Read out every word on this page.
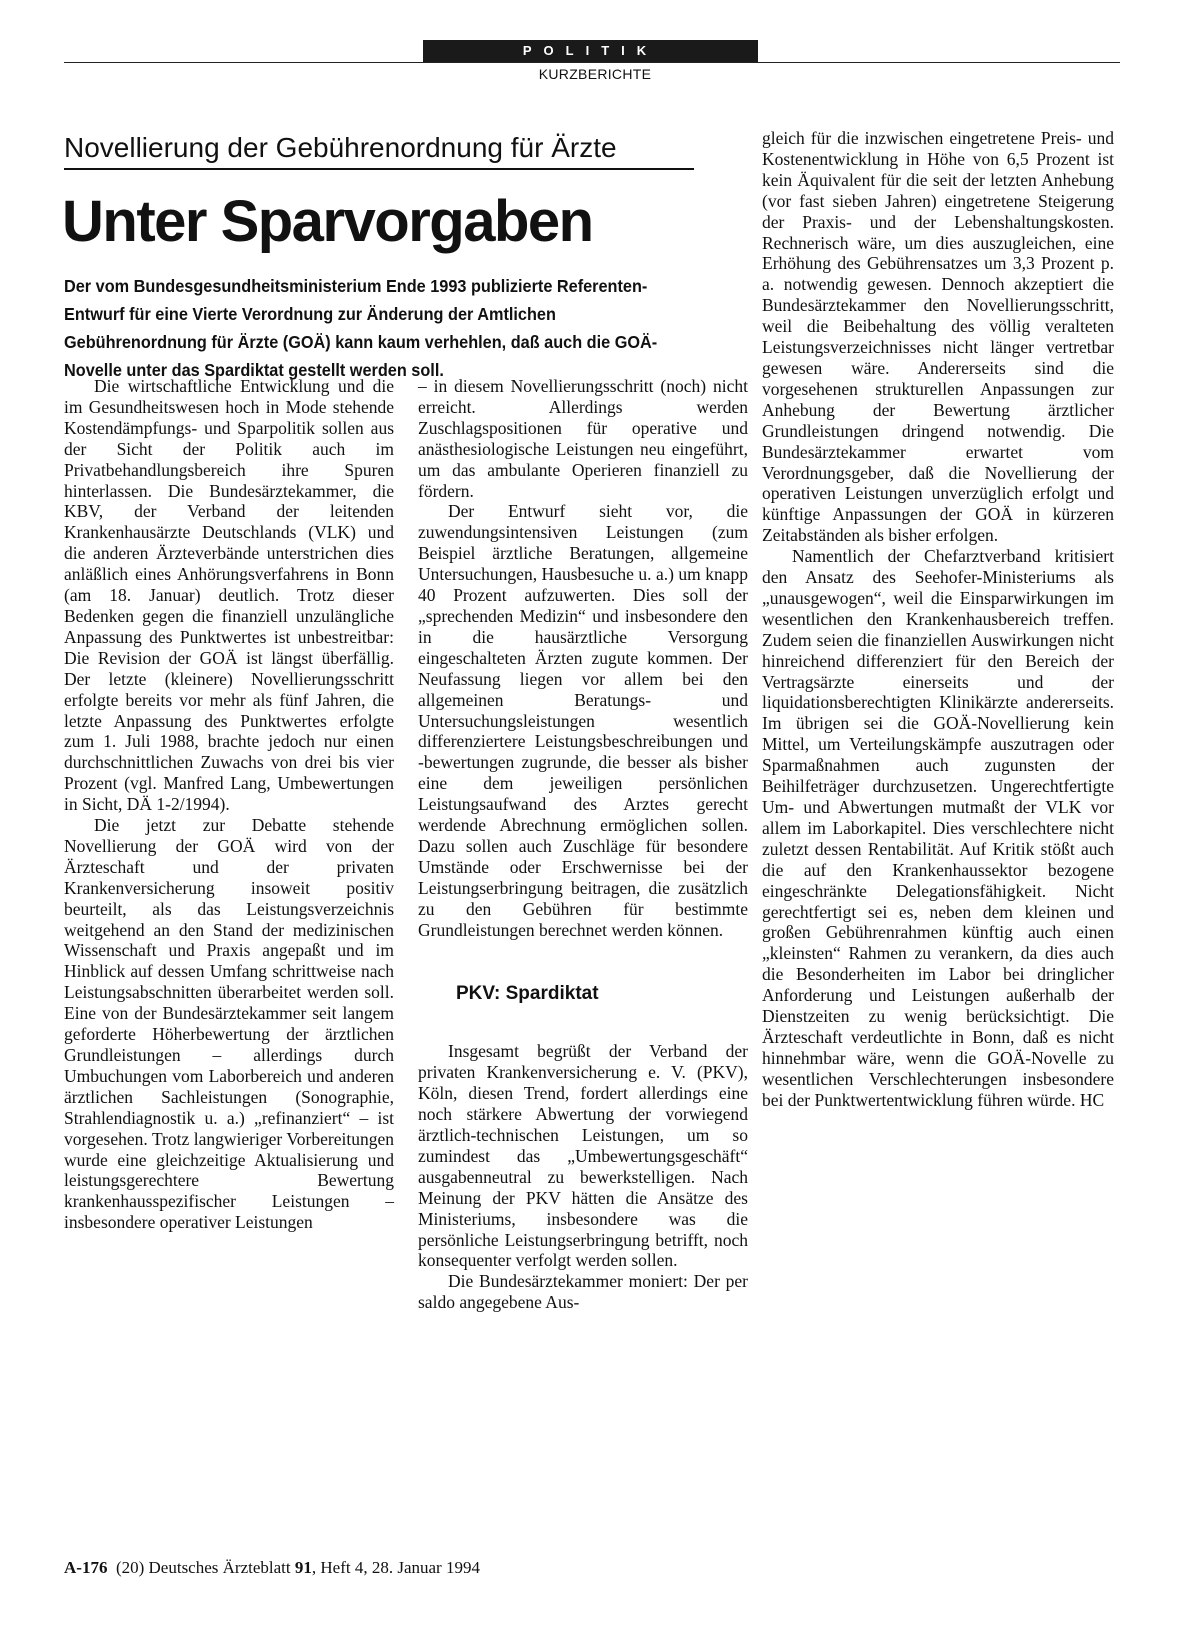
POLITIK
KURZBERICHTE
Novellierung der Gebührenordnung für Ärzte
Unter Sparvorgaben
Der vom Bundesgesundheitsministerium Ende 1993 publizierte Referenten-Entwurf für eine Vierte Verordnung zur Änderung der Amtlichen Gebührenordnung für Ärzte (GOÄ) kann kaum verhehlen, daß auch die GOÄ-Novelle unter das Spardiktat gestellt werden soll.

Die wirtschaftliche Entwicklung und die im Gesundheitswesen hoch in Mode stehende Kostendämpfungs- und Sparpolitik sollen aus der Sicht der Politik auch im Privatbehandlungsbereich ihre Spuren hinterlassen. Die Bundesärztekammer, die KBV, der Verband der leitenden Krankenhausärzte Deutschlands (VLK) und die anderen Ärzteverbände unterstrichen dies anläßlich eines Anhörungsverfahrens in Bonn (am 18. Januar) deutlich. Trotz dieser Bedenken gegen die finanziell unzulängliche Anpassung des Punktwertes ist unbestreitbar: Die Revision der GOÄ ist längst überfällig. Der letzte (kleinere) Novellierungsschritt erfolgte bereits vor mehr als fünf Jahren, die letzte Anpassung des Punktwertes erfolgte zum 1. Juli 1988, brachte jedoch nur einen durchschnittlichen Zuwachs von drei bis vier Prozent (vgl. Manfred Lang, Umbewertungen in Sicht, DÄ 1-2/1994).

Die jetzt zur Debatte stehende Novellierung der GOÄ wird von der Ärzteschaft und der privaten Krankenversicherung insoweit positiv beurteilt, als das Leistungsverzeichnis weitgehend an den Stand der medizinischen Wissenschaft und Praxis angepaßt und im Hinblick auf dessen Umfang schrittweise nach Leistungsabschnitten überarbeitet werden soll. Eine von der Bundesärztekammer seit langem geforderte Höherbewertung der ärztlichen Grundleistungen – allerdings durch Umbuchungen vom Laborbereich und anderen ärztlichen Sachleistungen (Sonographie, Strahlendiagnostik u. a.) „refinanziert“ – ist vorgesehen. Trotz langwieriger Vorbereitungen wurde eine gleichzeitige Aktualisierung und leistungsgerechtere Bewertung krankenhausspezifischer Leistungen – insbesondere operativer Leistungen

– in diesem Novellierungsschritt (noch) nicht erreicht. Allerdings werden Zuschlagspositionen für operative und anästhesiologische Leistungen neu eingeführt, um das ambulante Operieren finanziell zu fördern.

Der Entwurf sieht vor, die zuwendungsintensiven Leistungen (zum Beispiel ärztliche Beratungen, allgemeine Untersuchungen, Hausbesuche u. a.) um knapp 40 Prozent aufzuwerten. Dies soll der „sprechenden Medizin“ und insbesondere den in die hausärztliche Versorgung eingeschalteten Ärzten zugute kommen. Der Neufassung liegen vor allem bei den allgemeinen Beratungs- und Untersuchungsleistungen wesentlich differenziertere Leistungsbeschreibungen und -bewertungen zugrunde, die besser als bisher eine dem jeweiligen persönlichen Leistungsaufwand des Arztes gerecht werdende Abrechnung ermöglichen sollen. Dazu sollen auch Zuschläge für besondere Umstände oder Erschwernisse bei der Leistungserbringung beitragen, die zusätzlich zu den Gebühren für bestimmte Grundleistungen berechnet werden können.

PKV: Spardiktat

Insgesamt begrüßt der Verband der privaten Krankenversicherung e. V. (PKV), Köln, diesen Trend, fordert allerdings eine noch stärkere Abwertung der vorwiegend ärztlich-technischen Leistungen, um so zumindest das „Umbewertungsgeschäft“ ausgabenneutral zu bewerkstelligen. Nach Meinung der PKV hätten die Ansätze des Ministeriums, insbesondere was die persönliche Leistungserbringung betrifft, noch konsequenter verfolgt werden sollen.

Die Bundesärztekammer moniert: Der per saldo angegebene Aus-

gleich für die inzwischen eingetretene Preis- und Kostenentwicklung in Höhe von 6,5 Prozent ist kein Äquivalent für die seit der letzten Anhebung (vor fast sieben Jahren) eingetretene Steigerung der Praxis- und der Lebenshaltungskosten. Rechnerisch wäre, um dies auszugleichen, eine Erhöhung des Gebührensatzes um 3,3 Prozent p. a. notwendig gewesen. Dennoch akzeptiert die Bundesärztekammer den Novellierungsschritt, weil die Beibehaltung des völlig veralteten Leistungsverzeichnisses nicht länger vertretbar gewesen wäre. Andererseits sind die vorgesehenen strukturellen Anpassungen zur Anhebung der Bewertung ärztlicher Grundleistungen dringend notwendig. Die Bundesärztekammer erwartet vom Verordnungsgeber, daß die Novellierung der operativen Leistungen unverzüglich erfolgt und künftige Anpassungen der GOÄ in kürzeren Zeitabständen als bisher erfolgen.

Namentlich der Chefarztverband kritisiert den Ansatz des Seehofer-Ministeriums als „unausgewogen“, weil die Einsparwirkungen im wesentlichen den Krankenhausbereich treffen. Zudem seien die finanziellen Auswirkungen nicht hinreichend differenziert für den Bereich der Vertragsärzte einerseits und der liquidationsberechtigten Klinikärzte andererseits. Im übrigen sei die GOÄ-Novellierung kein Mittel, um Verteilungskämpfe auszutragen oder Sparmaßnahmen auch zugunsten der Beihilfeträger durchzusetzen. Ungerechtfertigte Um- und Abwertungen mutmaßt der VLK vor allem im Laborkapitel. Dies verschlechtere nicht zuletzt dessen Rentabilität. Auf Kritik stößt auch die auf den Krankenhaussektor bezogene eingeschränkte Delegationsfähigkeit. Nicht gerechtfertigt sei es, neben dem kleinen und großen Gebührenrahmen künftig auch einen „kleinsten“ Rahmen zu verankern, da dies auch die Besonderheiten im Labor bei dringlicher Anforderung und Leistungen außerhalb der Dienstzeiten zu wenig berücksichtigt. Die Ärzteschaft verdeutlichte in Bonn, daß es nicht hinnehmbar wäre, wenn die GOÄ-Novelle zu wesentlichen Verschlechterungen insbesondere bei der Punktwertentwicklung führen würde. HC

A-176 (20) Deutsches Ärzteblatt 91, Heft 4, 28. Januar 1994
